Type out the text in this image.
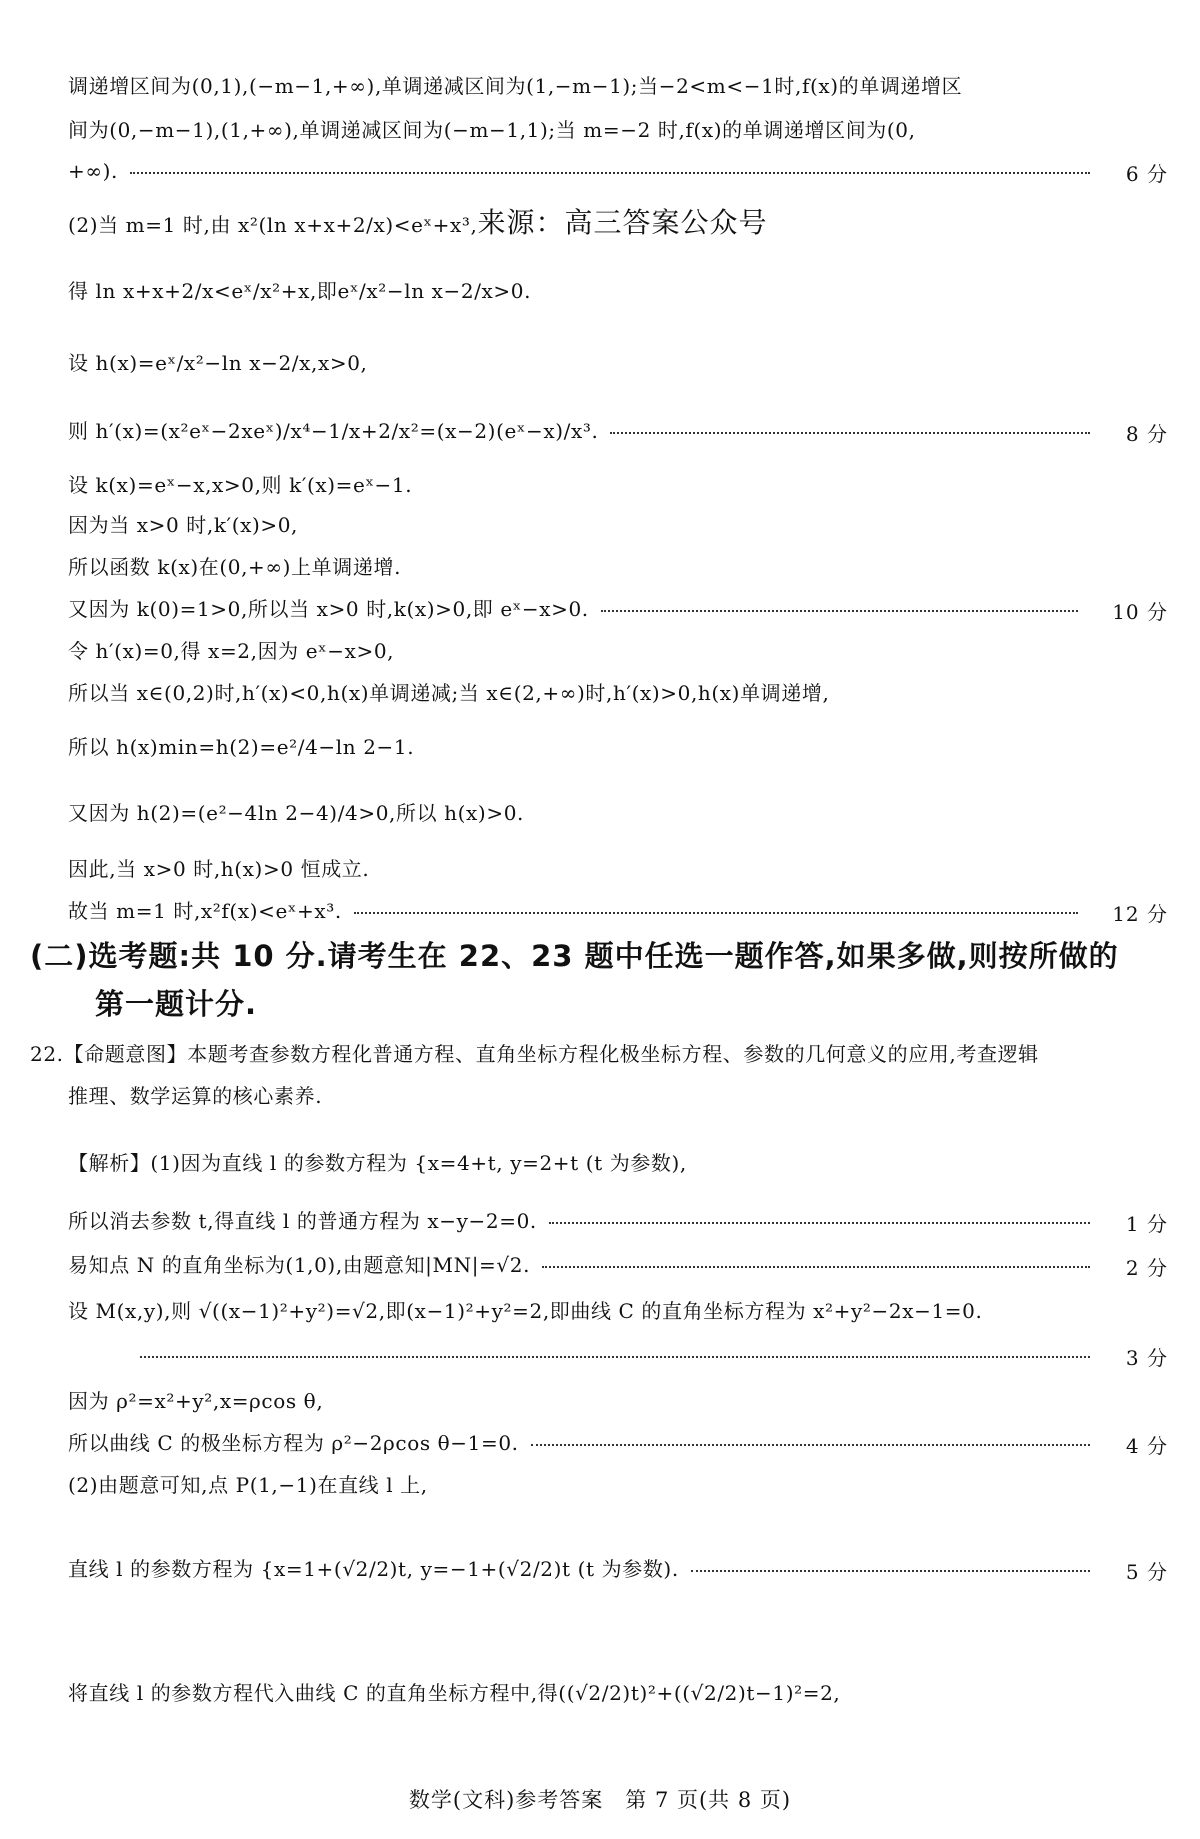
调递增区间为(0,1),(−m−1,+∞),单调递减区间为(1,−m−1);当−2<m<−1时,f(x)的单调递增区
间为(0,−m−1),(1,+∞),单调递减区间为(−m−1,1);当 m=−2 时,f(x)的单调递增区间为(0,
+∞).	6 分
(2)当 m=1 时,由 x²(ln x+x+2/x)<eˣ+x³,来源：高三答案公众号
得 ln x+x+2/x<eˣ/x²+x,即eˣ/x²−ln x−2/x>0.
设 h(x)=eˣ/x²−ln x−2/x,x>0,
则 h′(x)=(x²eˣ−2xeˣ)/x⁴−1/x+2/x²=(x−2)(eˣ−x)/x³.	8 分
设 k(x)=eˣ−x,x>0,则 k′(x)=eˣ−1.
因为当 x>0 时,k′(x)>0,
所以函数 k(x)在(0,+∞)上单调递增.
又因为 k(0)=1>0,所以当 x>0 时,k(x)>0,即 eˣ−x>0.	10 分
令 h′(x)=0,得 x=2,因为 eˣ−x>0,
所以当 x∈(0,2)时,h′(x)<0,h(x)单调递减;当 x∈(2,+∞)时,h′(x)>0,h(x)单调递增,
所以 h(x)min=h(2)=e²/4−ln 2−1.
又因为 h(2)=(e²−4ln 2−4)/4>0,所以 h(x)>0.
因此,当 x>0 时,h(x)>0 恒成立.
故当 m=1 时,x²f(x)<eˣ+x³.	12 分
(二)选考题:共 10 分.请考生在 22、23 题中任选一题作答,如果多做,则按所做的
第一题计分.
22.【命题意图】本题考查参数方程化普通方程、直角坐标方程化极坐标方程、参数的几何意义的应用,考查逻辑
推理、数学运算的核心素养.
【解析】(1)因为直线 l 的参数方程为 {x=4+t, y=2+t (t 为参数),
所以消去参数 t,得直线 l 的普通方程为 x−y−2=0.	1 分
易知点 N 的直角坐标为(1,0),由题意知|MN|=√2.	2 分
设 M(x,y),则 √((x−1)²+y²)=√2,即(x−1)²+y²=2,即曲线 C 的直角坐标方程为 x²+y²−2x−1=0.
3 分
因为 ρ²=x²+y²,x=ρcos θ,
所以曲线 C 的极坐标方程为 ρ²−2ρcos θ−1=0.	4 分
(2)由题意可知,点 P(1,−1)在直线 l 上,
直线 l 的参数方程为 {x=1+(√2/2)t, y=−1+(√2/2)t (t 为参数).	5 分
将直线 l 的参数方程代入曲线 C 的直角坐标方程中,得((√2/2)t)²+((√2/2)t−1)²=2,
数学(文科)参考答案　第 7 页(共 8 页)
